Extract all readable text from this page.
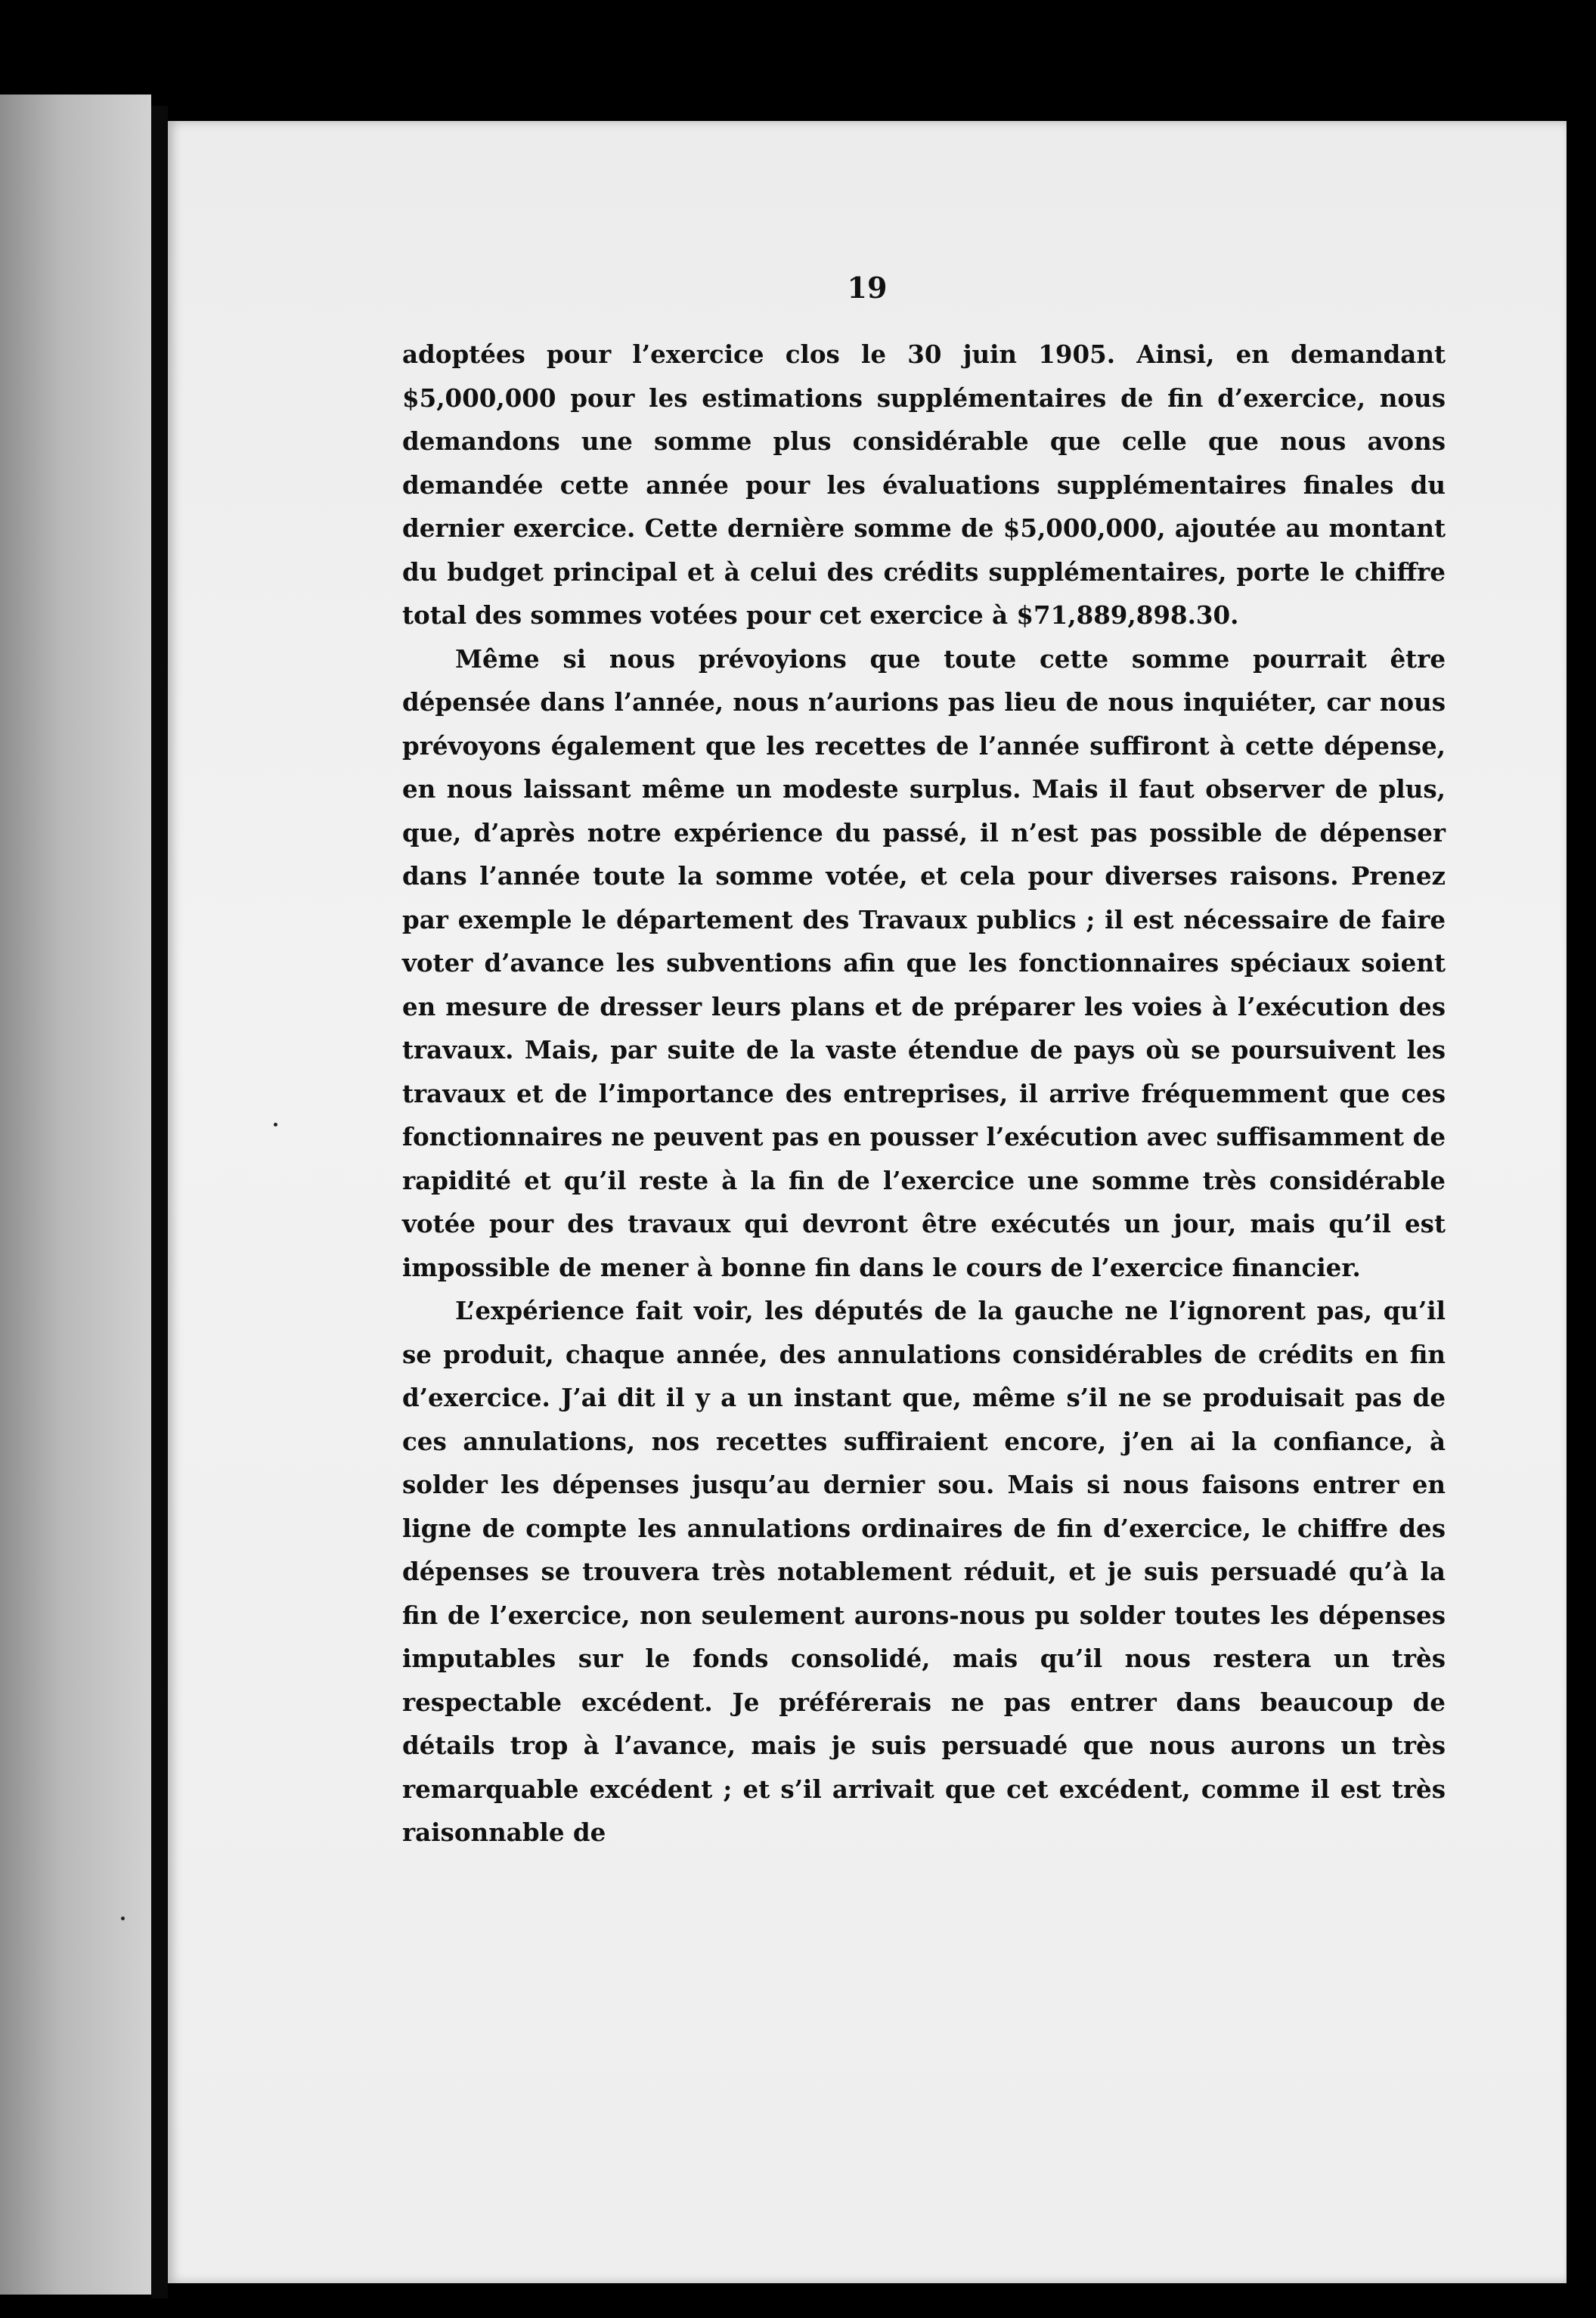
19

adoptées pour l’exercice clos le 30 juin 1905. Ainsi, en demandant $5,000,000 pour les estimations supplémentaires de fin d’exercice, nous demandons une somme plus considérable que celle que nous avons demandée cette année pour les évaluations supplémentaires finales du dernier exercice. Cette dernière somme de $5,000,000, ajoutée au montant du budget principal et à celui des crédits supplémentaires, porte le chiffre total des sommes votées pour cet exercice à $71,889,898.30.

Même si nous prévoyions que toute cette somme pourrait être dépensée dans l’année, nous n’aurions pas lieu de nous inquiéter, car nous prévoyons également que les recettes de l’année suffiront à cette dépense, en nous laissant même un modeste surplus. Mais il faut observer de plus, que, d’après notre expérience du passé, il n’est pas possible de dépenser dans l’année toute la somme votée, et cela pour diverses raisons. Prenez par exemple le département des Travaux publics ; il est nécessaire de faire voter d’avance les subventions afin que les fonctionnaires spéciaux soient en mesure de dresser leurs plans et de préparer les voies à l’exécution des travaux. Mais, par suite de la vaste étendue de pays où se poursuivent les travaux et de l’importance des entreprises, il arrive fréquemment que ces fonctionnaires ne peuvent pas en pousser l’exécution avec suffisamment de rapidité et qu’il reste à la fin de l’exercice une somme très considérable votée pour des travaux qui devront être exécutés un jour, mais qu’il est impossible de mener à bonne fin dans le cours de l’exercice financier.

L’expérience fait voir, les députés de la gauche ne l’ignorent pas, qu’il se produit, chaque année, des annulations considérables de crédits en fin d’exercice. J’ai dit il y a un instant que, même s’il ne se produisait pas de ces annulations, nos recettes suffiraient encore, j’en ai la confiance, à solder les dépenses jusqu’au dernier sou. Mais si nous faisons entrer en ligne de compte les annulations ordinaires de fin d’exercice, le chiffre des dépenses se trouvera très notablement réduit, et je suis persuadé qu’à la fin de l’exercice, non seulement aurons-nous pu solder toutes les dépenses imputables sur le fonds consolidé, mais qu’il nous restera un très respectable excédent. Je préférerais ne pas entrer dans beaucoup de détails trop à l’avance, mais je suis persuadé que nous aurons un très remarquable excédent ; et s’il arrivait que cet excédent, comme il est très raisonnable de
